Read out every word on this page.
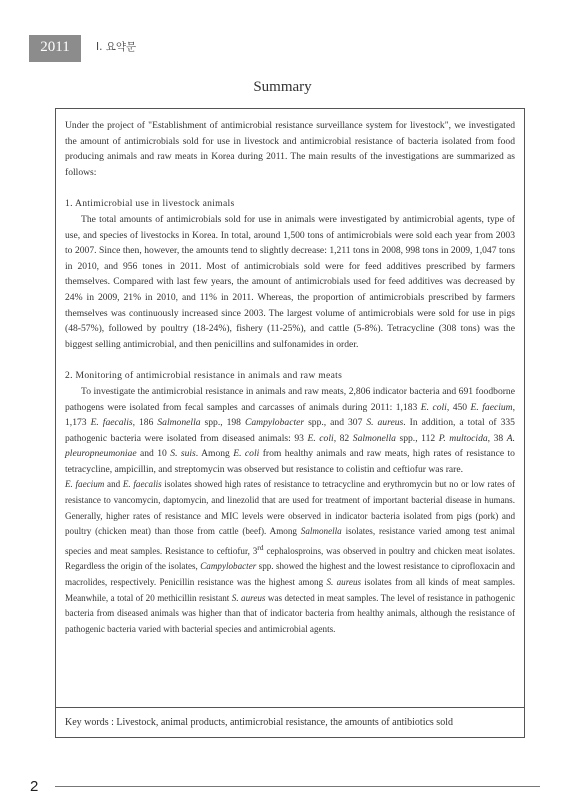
2011	Ⅰ. 요약문
Summary

Under the project of "Establishment of antimicrobial resistance surveillance system for livestock", we investigated the amount of antimicrobials sold for use in livestock and antimicrobial resistance of bacteria isolated from food producing animals and raw meats in Korea during 2011. The main results of the investigations are summarized as follows:

1. Antimicrobial use in livestock animals

The total amounts of antimicrobials sold for use in animals were investigated by antimicrobial agents, type of use, and species of livestocks in Korea. In total, around 1,500 tons of antimicrobials were sold each year from 2003 to 2007. Since then, however, the amounts tend to slightly decrease: 1,211 tons in 2008, 998 tons in 2009, 1,047 tons in 2010, and 956 tones in 2011. Most of antimicrobials sold were for feed additives prescribed by farmers themselves. Compared with last few years, the amount of antimicrobials used for feed additives was decreased by 24% in 2009, 21% in 2010, and 11% in 2011. Whereas, the proportion of antimicrobials prescribed by farmers themselves was continuously increased since 2003. The largest volume of antimicrobials were sold for use in pigs (48-57%), followed by poultry (18-24%), fishery (11-25%), and cattle (5-8%). Tetracycline (308 tons) was the biggest selling antimicrobial, and then penicillins and sulfonamides in order.

2. Monitoring of antimicrobial resistance in animals and raw meats

To investigate the antimicrobial resistance in animals and raw meats, 2,806 indicator bacteria and 691 foodborne pathogens were isolated from fecal samples and carcasses of animals during 2011: 1,183 E. coli, 450 E. faecium, 1,173 E. faecalis, 186 Salmonella spp., 198 Campylobacter spp., and 307 S. aureus. In addition, a total of 335 pathogenic bacteria were isolated from diseased animals: 93 E. coli, 82 Salmonella spp., 112 P. multocida, 38 A. pleuropneumoniae and 10 S. suis. Among E. coli from healthy animals and raw meats, high rates of resistance to tetracycline, ampicillin, and streptomycin was observed but resistance to colistin and ceftiofur was rare.

E. faecium and E. faecalis isolates showed high rates of resistance to tetracycline and erythromycin but no or low rates of resistance to vancomycin, daptomycin, and linezolid that are used for treatment of important bacterial disease in humans. Generally, higher rates of resistance and MIC levels were observed in indicator bacteria isolated from pigs (pork) and poultry (chicken meat) than those from cattle (beef). Among Salmonella isolates, resistance varied among test animal species and meat samples. Resistance to ceftiofur, 3rd cephalosproins, was observed in poultry and chicken meat isolates. Regardless the origin of the isolates, Campylobacter spp. showed the highest and the lowest resistance to ciprofloxacin and macrolides, respectively. Penicillin resistance was the highest among S. aureus isolates from all kinds of meat samples. Meanwhile, a total of 20 methicillin resistant S. aureus was detected in meat samples. The level of resistance in pathogenic bacteria from diseased animals was higher than that of indicator bacteria from healthy animals, although the resistance of pathogenic bacteria varied with bacterial species and antimicrobial agents.

Key words : Livestock, animal products, antimicrobial resistance, the amounts of antibiotics sold
2
